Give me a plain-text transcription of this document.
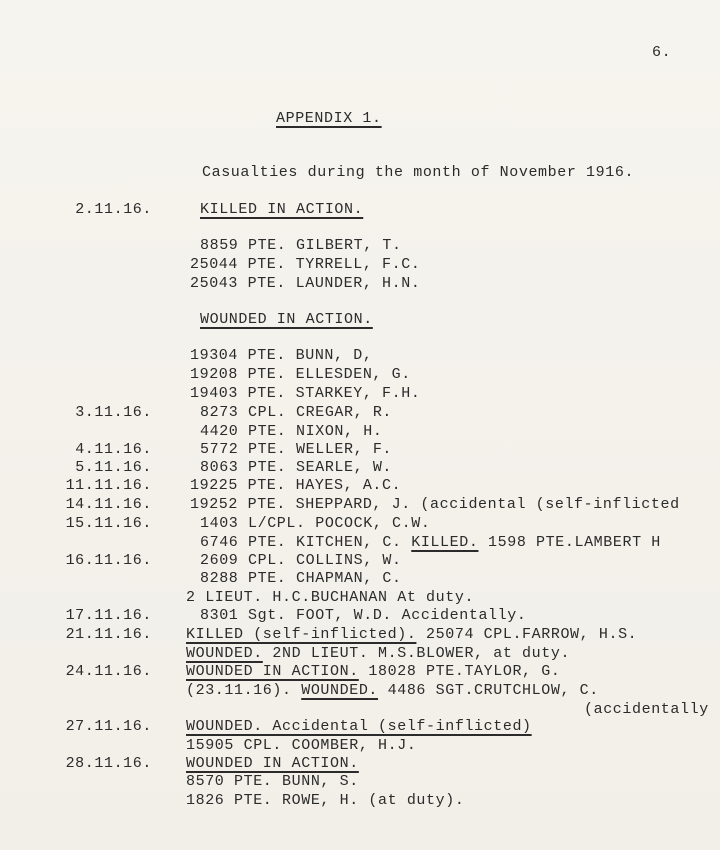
6.
APPENDIX 1.
Casualties during the month of November 1916.
2.11.16.	KILLED IN ACTION.
8859 PTE. GILBERT, T.
25044 PTE. TYRRELL, F.C.
25043 PTE. LAUNDER, H.N.
WOUNDED IN ACTION.
19304 PTE. BUNN, D,
19208 PTE. ELLESDEN, G.
19403 PTE. STARKEY, F.H.
3.11.16.	8273 CPL. CREGAR, R.
4420 PTE. NIXON, H.
4.11.16.	5772 PTE. WELLER, F.
5.11.16.	8063 PTE. SEARLE, W.
11.11.16.	19225 PTE. HAYES, A.C.
14.11.16.	19252 PTE. SHEPPARD, J. (accidental (self-inflicted
15.11.16.	1403 L/CPL. POCOCK, C.W.
6746 PTE. KITCHEN, C. KILLED. 1598 PTE.LAMBERT H
16.11.16.	2609 CPL. COLLINS, W.
8288 PTE. CHAPMAN, C.
2 LIEUT. H.C.BUCHANAN At duty.
17.11.16.	8301 Sgt. FOOT, W.D. Accidentally.
21.11.16. KILLED (self-inflicted). 25074 CPL.FARROW, H.S.
WOUNDED. 2ND LIEUT. M.S.BLOWER, at duty.
24.11.16. WOUNDED IN ACTION. 18028 PTE.TAYLOR, G.
(23.11.16). WOUNDED. 4486 SGT.CRUTCHLOW, C.
(accidentally
27.11.16. WOUNDED. Accidental (self-inflicted)
15905 CPL. COOMBER, H.J.
28.11.16. WOUNDED IN ACTION.
8570 PTE. BUNN, S.
1826 PTE. ROWE, H. (at duty).
